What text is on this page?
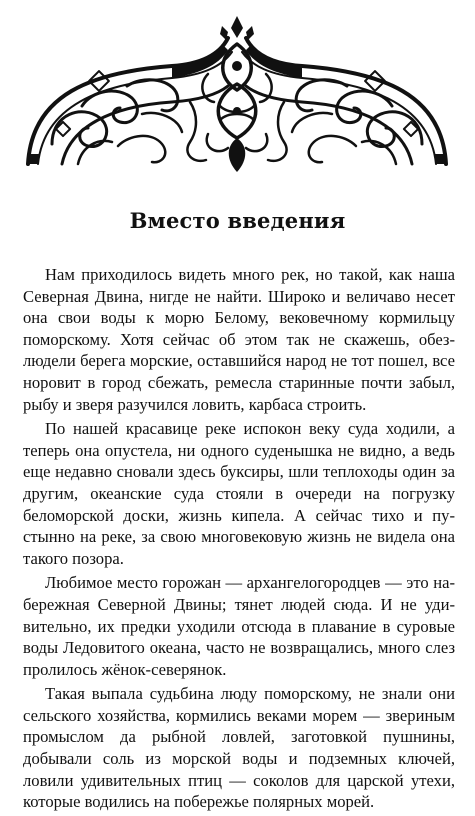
Вместо введения

Нам приходилось видеть много рек, но такой, как наша Северная Двина, нигде не найти. Широко и величаво несет она свои воды к морю Белому, вековечному кормильцу поморскому. Хотя сейчас об этом так не скажешь, обезлюдели берега морские, оставшийся народ не тот пошел, все норовит в город сбежать, ремесла старинные почти забыл, рыбу и зверя разучился ловить, карбаса строить.

По нашей красавице реке испокон веку суда ходили, а теперь она опустела, ни одного суденышка не видно, а ведь еще недавно сновали здесь буксиры, шли теплоходы один за другим, океанские суда стояли в очереди на погрузку беломорской доски, жизнь кипела. А сейчас тихо и пустынно на реке, за свою многовековую жизнь не видела она такого позора.

Любимое место горожан — архангелогородцев — это набережная Северной Двины; тянет людей сюда. И не удивительно, их предки уходили отсюда в плавание в суровые воды Ледовитого океана, часто не возвращались, много слез пролилось жёнок-северянок.

Такая выпала судьбина люду поморскому, не знали они сельского хозяйства, кормились веками морем — звериным промыслом да рыбной ловлей, заготовкой пушнины, добывали соль из морской воды и подземных ключей, ловили удивительных птиц — соколов для царской утехи, которые водились на побережье полярных морей.
